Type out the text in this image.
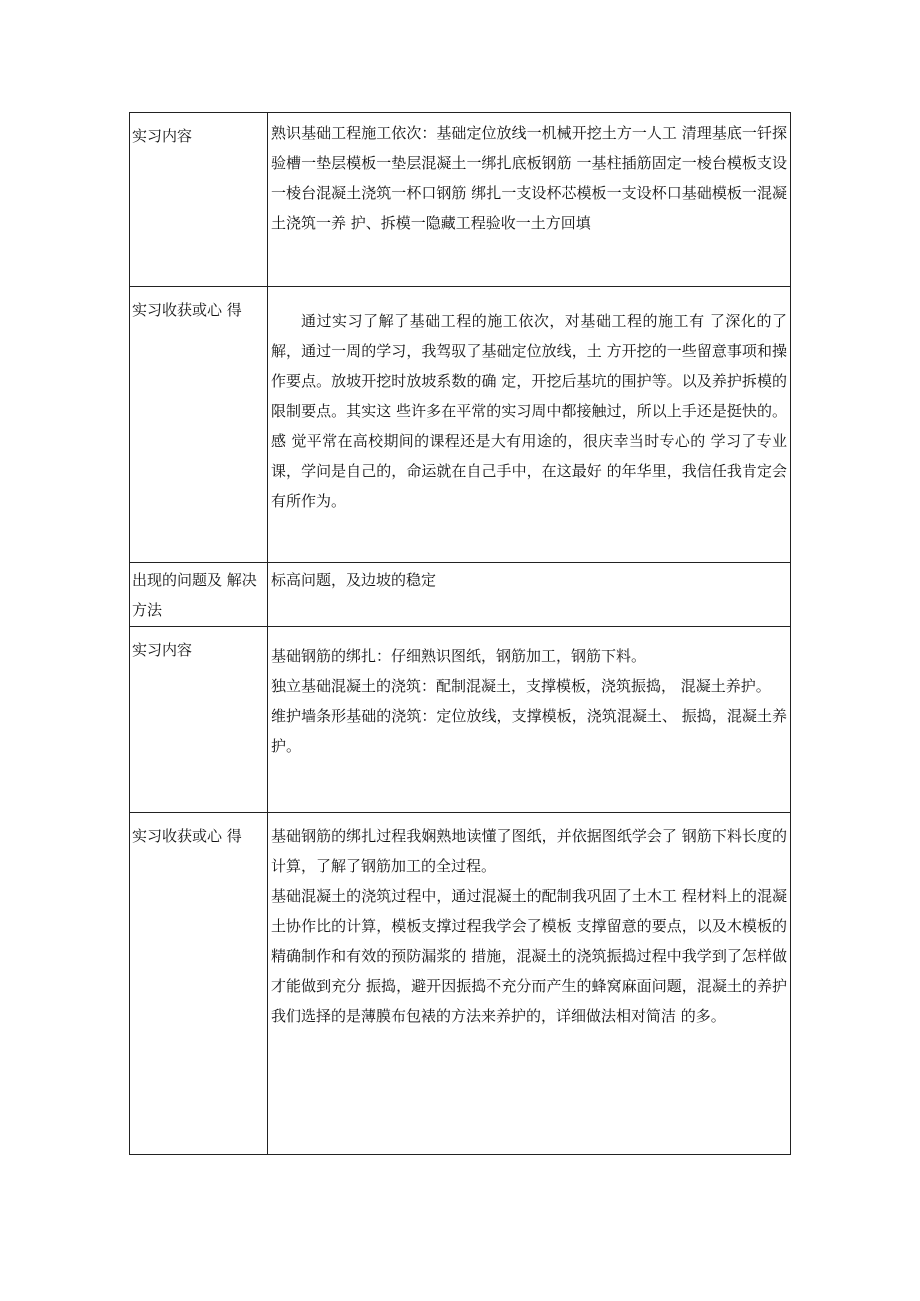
实习内容	熟识基础工程施工依次：基础定位放线一机械开挖土方一人工 清理基底一钎探验槽一垫层模板一垫层混凝土一绑扎底板钢筋 一基柱插筋固定一棱台模板支设一棱台混凝土浇筑一杯口钢筋 绑扎一支设杯芯模板一支设杯口基础模板一混凝土浇筑一养 护、拆模一隐藏工程验收一土方回填

实习收获或心 得	通过实习了解了基础工程的施工依次，对基础工程的施工有 了深化的了解，通过一周的学习，我驾驭了基础定位放线，土 方开挖的一些留意事项和操作要点。放坡开挖时放坡系数的确 定，开挖后基坑的围护等。以及养护拆模的限制要点。其实这 些许多在平常的实习周中都接触过，所以上手还是挺快的。感 觉平常在高校期间的课程还是大有用途的，很庆幸当时专心的 学习了专业课，学问是自己的，命运就在自己手中，在这最好 的年华里，我信任我肯定会有所作为。

出现的问题及 解决方法	标高问题，及边坡的稳定

实习内容	基础钢筋的绑扎：仔细熟识图纸，钢筋加工，钢筋下料。

独立基础混凝土的浇筑：配制混凝土，支撑模板，浇筑振捣， 混凝土养护。

维护墙条形基础的浇筑：定位放线，支撑模板，浇筑混凝土、 振捣，混凝土养护。

实习收获或心 得	基础钢筋的绑扎过程我娴熟地读懂了图纸，并依据图纸学会了 钢筋下料长度的计算，了解了钢筋加工的全过程。

基础混凝土的浇筑过程中，通过混凝土的配制我巩固了土木工 程材料上的混凝土协作比的计算，模板支撑过程我学会了模板 支撑留意的要点，以及木模板的精确制作和有效的预防漏浆的 措施，混凝土的浇筑振捣过程中我学到了怎样做才能做到充分 振捣，避开因振捣不充分而产生的蜂窝麻面问题，混凝土的养护 我们选择的是薄膜布包裱的方法来养护的，详细做法相对简洁 的多。
